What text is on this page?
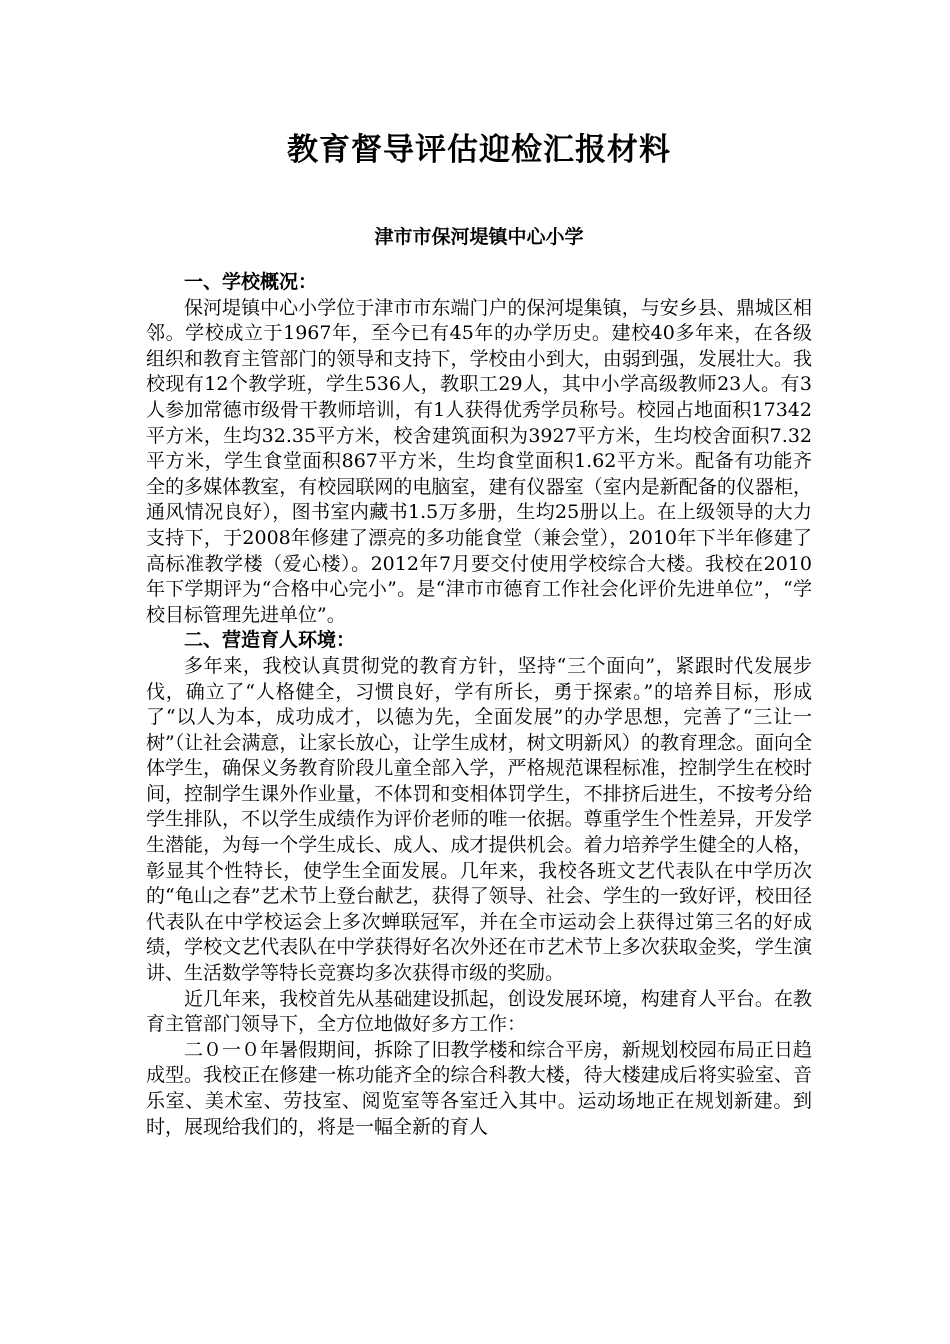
教育督导评估迎检汇报材料
津市市保河堤镇中心小学
一、学校概况：

保河堤镇中心小学位于津市市东端门户的保河堤集镇，与安乡县、鼎城区相邻。学校成立于1967年，至今已有45年的办学历史。建校40多年来，在各级组织和教育主管部门的领导和支持下，学校由小到大，由弱到强，发展壮大。我校现有12个教学班，学生536人，教职工29人，其中小学高级教师23人。有3人参加常德市级骨干教师培训，有1人获得优秀学员称号。校园占地面积17342平方米，生均32.35平方米，校舍建筑面积为3927平方米，生均校舍面积7.32平方米，学生食堂面积867平方米，生均食堂面积1.62平方米。配备有功能齐全的多媒体教室，有校园联网的电脑室，建有仪器室（室内是新配备的仪器柜，通风情况良好），图书室内藏书1.5万多册，生均25册以上。在上级领导的大力支持下，于2008年修建了漂亮的多功能食堂（兼会堂），2010年下半年修建了高标准教学楼（爱心楼）。2012年7月要交付使用学校综合大楼。我校在2010年下学期评为“合格中心完小”。是“津市市德育工作社会化评价先进单位”，“学校目标管理先进单位”。

二、营造育人环境：

多年来，我校认真贯彻党的教育方针，坚持“三个面向”，紧跟时代发展步伐，确立了“人格健全，习惯良好，学有所长，勇于探索。”的培养目标，形成了“以人为本，成功成才，以德为先，全面发展”的办学思想，完善了“三让一树”（让社会满意，让家长放心，让学生成材，树文明新风）的教育理念。面向全体学生，确保义务教育阶段儿童全部入学，严格规范课程标准，控制学生在校时间，控制学生课外作业量，不体罚和变相体罚学生，不排挤后进生，不按考分给学生排队，不以学生成绩作为评价老师的唯一依据。尊重学生个性差异，开发学生潜能，为每一个学生成长、成人、成才提供机会。着力培养学生健全的人格，彰显其个性特长，使学生全面发展。几年来，我校各班文艺代表队在中学历次的“龟山之春”艺术节上登台献艺，获得了领导、社会、学生的一致好评，校田径代表队在中学校运会上多次蝉联冠军，并在全市运动会上获得过第三名的好成绩，学校文艺代表队在中学获得好名次外还在市艺术节上多次获取金奖，学生演讲、生活数学等特长竞赛均多次获得市级的奖励。

近几年来，我校首先从基础建设抓起，创设发展环境，构建育人平台。在教育主管部门领导下，全方位地做好多方工作：

二０一０年暑假期间，拆除了旧教学楼和综合平房，新规划校园布局正日趋成型。我校正在修建一栋功能齐全的综合科教大楼，待大楼建成后将实验室、音乐室、美术室、劳技室、阅览室等各室迁入其中。运动场地正在规划新建。到时，展现给我们的，将是一幅全新的育人
